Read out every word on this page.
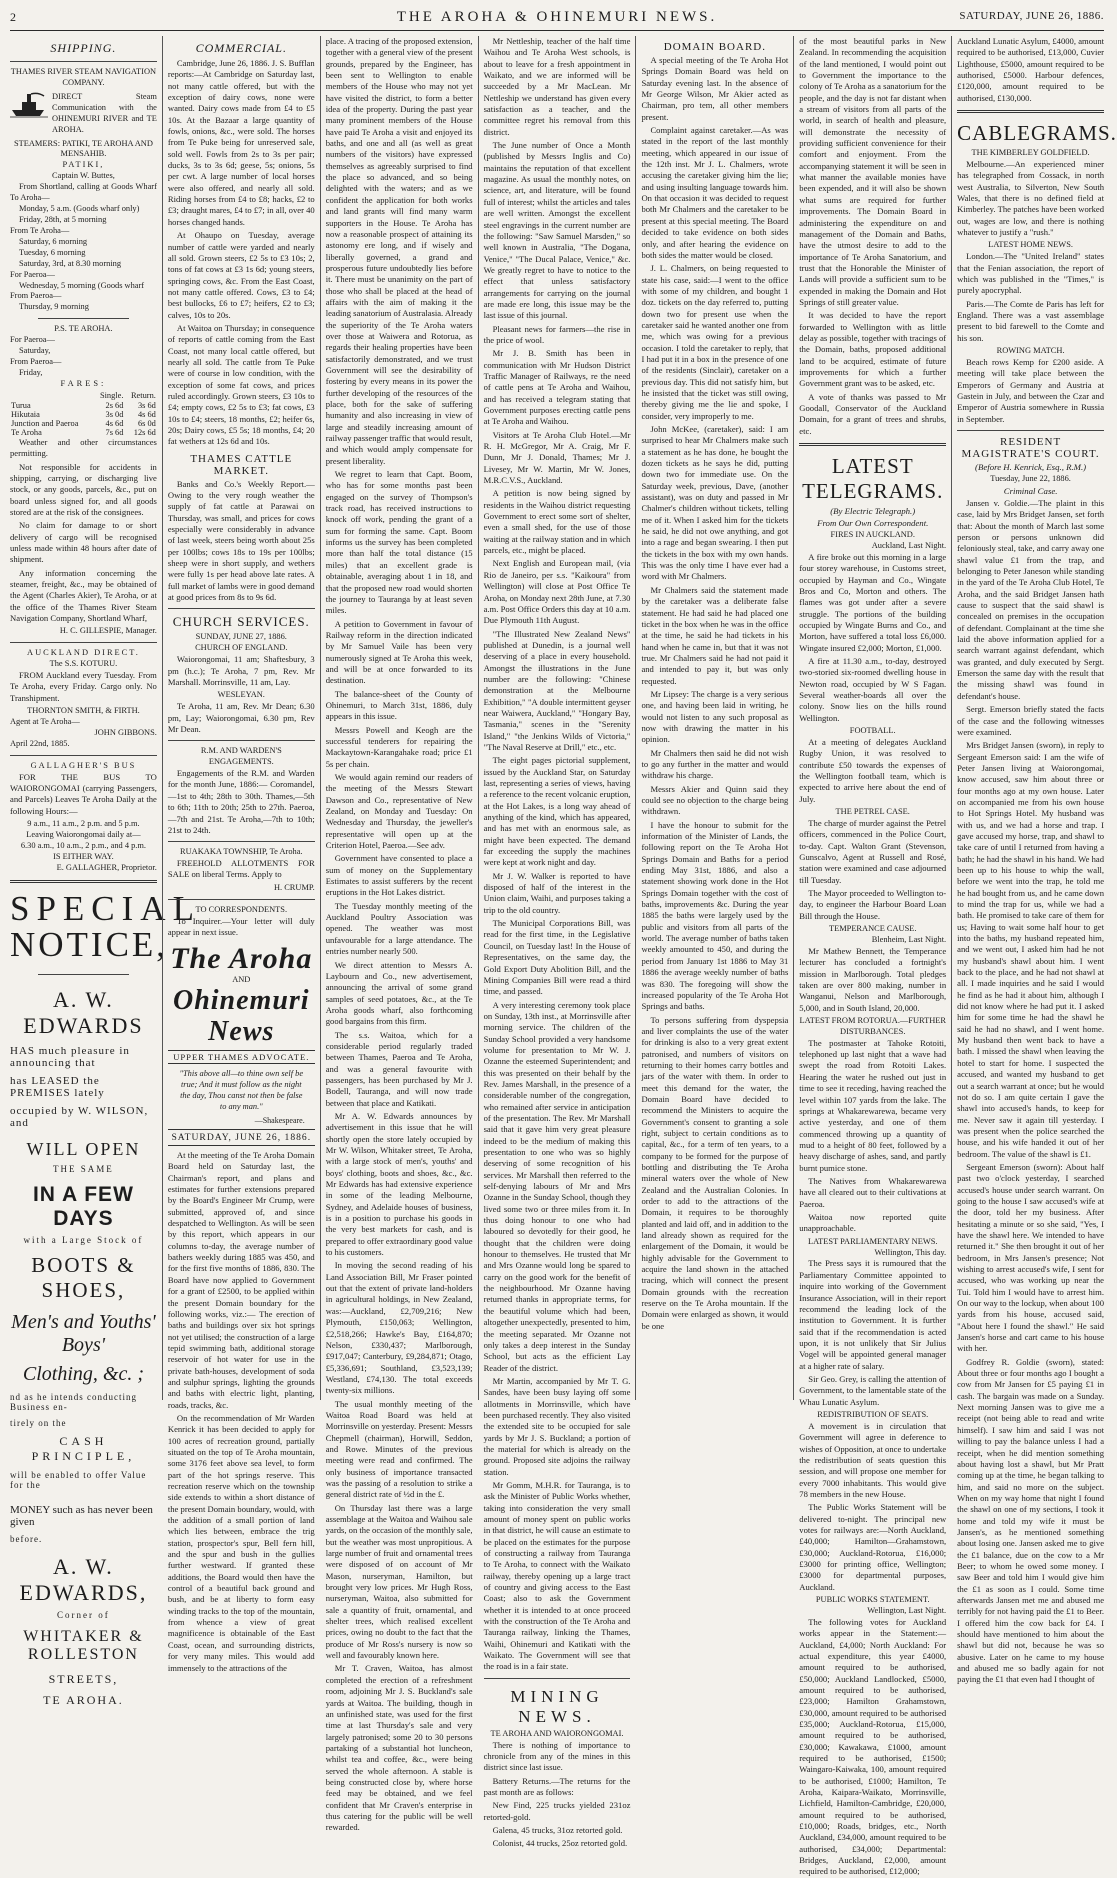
2	THE AROHA & OHINEMURI NEWS.	SATURDAY, JUNE 26, 1886.
SHIPPING.
THAMES RIVER STEAM NAVIGATION COMPANY.

DIRECT Steam Communication with the OHINEMURI RIVER and TE AROHA.

STEAMERS: PATIKI, TE AROHA AND MENSAHIB.
PATIKI,
Captain W. Buttes,

From Shortland, calling at Goods Wharf To Aroha—

Monday, 5 a.m. (Goods wharf only)

Friday, 28th, at 5 morning

From Te Aroha—

Saturday, 6 morning

Tuesday, 6 morning

Saturday, 3rd, at 8.30 morning

For Paeroa—

Wednesday, 5 morning (Goods wharf

From Paeroa—

Thursday, 9 morning

P.S. TE AROHA.

For Paeroa—

Saturday,

From Paeroa—

Friday,

FARES:
	Single.	Return.
Turua	2s 6d	3s 6d
Hikutaia	3s 0d	4s 6d
Junction and Paeroa	4s 6d	6s 0d
Te Aroha	7s 6d	12s 6d

Weather and other circumstances permitting.

Not responsible for accidents in shipping, carrying, or discharging live stock, or any goods, parcels, &c., put on board unless signed for, and all goods stored are at the risk of the consignees.

No claim for damage to or short delivery of cargo will be recognised unless made within 48 hours after date of shipment.

Any information concerning the steamer, freight, &c., may be obtained of the Agent (Charles Akier), Te Aroha, or at the office of the Thames River Steam Navigation Company, Shortland Wharf,

H. C. GILLESPIE, Manager.

AUCKLAND DIRECT.
The S.S. KOTURU.

FROM Auckland every Tuesday. From Te Aroha, every Friday. Cargo only. No Transhipment.

THORNTON SMITH, & FIRTH.

Agent at Te Aroha—

JOHN GIBBONS.

April 22nd, 1885.

GALLAGHER'S BUS

FOR THE BUS TO WAIORONGOMAI (carrying Passengers, and Parcels) Leaves Te Aroha Daily at the following Hours:—

9 a.m., 11 a.m., 2 p.m. and 5 p.m.
Leaving Waiorongomai daily at—
6.30 a.m., 10 a.m., 2 p.m., and 4 p.m.
IS EITHER WAY.

E. GALLAGHER, Proprietor.

SPECIAL
NOTICE,
A. W. EDWARDS
HAS much pleasure in announcing that
has LEASED the PREMISES lately
occupied by W. WILSON, and
WILL OPEN
THE SAME
IN A FEW DAYS
with a Large Stock of
BOOTS & SHOES,
Men's and Youths' Boys'
Clothing, &c. ;
nd as he intends conducting Business en-
tirely on the
CASH PRINCIPLE,
will be enabled to offer Value for the
MONEY such as has never been given
before.
A. W. EDWARDS,
Corner of
WHITAKER & ROLLESTON
STREETS,
TE AROHA.
COMMERCIAL.

Cambridge, June 26, 1886. J. S. Bufflan reports:—At Cambridge on Saturday last, not many cattle offered, but with the exception of dairy cows, none were wanted. Dairy cows made from £4 to £5 10s. At the Bazaar a large quantity of fowls, onions, &c., were sold. The horses from Te Puke being for unreserved sale, sold well. Fowls from 2s to 3s per pair; ducks, 3s to 3s 6d; geese, 5s; onions, 5s per cwt. A large number of local horses were also offered, and nearly all sold. Riding horses from £4 to £8; hacks, £2 to £3; draught mares, £4 to £7; in all, over 40 horses changed hands.

At Ohaupo on Tuesday, average number of cattle were yarded and nearly all sold. Grown steers, £2 5s to £3 10s; 2, tons of fat cows at £3 1s 6d; young steers, springing cows, &c. From the East Coast, not many cattle offered. Cows, £3 to £4; best bullocks, £6 to £7; heifers, £2 to £3; calves, 10s to 20s.

At Waitoa on Thursday; in consequence of reports of cattle coming from the East Coast, not many local cattle offered, but nearly all sold. The cattle from Te Puke were of course in low condition, with the exception of some fat cows, and prices ruled accordingly. Grown steers, £3 10s to £4; empty cows, £2 5s to £3; fat cows, £3 10s to £4; steers, 18 months, £2; heifer 6s, 20s; Dairy cows, £5 5s; 18 months, £4; 20 fat wethers at 12s 6d and 10s.

THAMES CATTLE MARKET.

Banks and Co.'s Weekly Report.—Owing to the very rough weather the supply of fat cattle at Parawai on Thursday, was small, and prices for cows especially were considerably in advance of last week, steers being worth about 25s per 100lbs; cows 18s to 19s per 100lbs; sheep were in short supply, and wethers were fully 1s per head above late rates. A full market of lambs were in good demand at good prices from 8s to 9s 6d.

CHURCH SERVICES.
SUNDAY, JUNE 27, 1886.
CHURCH OF ENGLAND.

Waiorongomai, 11 am; Shaftesbury, 3 pm (h.c.); Te Aroha, 7 pm, Rev. Mr Marshall. Morrinsville, 11 am, Lay.

WESLEYAN.

Te Aroha, 11 am, Rev. Mr Dean; 6.30 pm, Lay; Waiorongomai, 6.30 pm, Rev Mr Dean.

R.M. AND WARDEN'S ENGAGEMENTS.

Engagements of the R.M. and Warden for the month June, 1886:— Coromandel,—1st to 4th; 28th to 30th. Thames,—5th to 6th; 11th to 20th; 25th to 27th. Paeroa,—7th and 21st. Te Aroha,—7th to 10th; 21st to 24th.

RUAKAKA TOWNSHIP, Te Aroha.

FREEHOLD ALLOTMENTS FOR SALE on liberal Terms. Apply to

H. CRUMP.

TO CORRESPONDENTS.

To Inquirer.—Your letter will duly appear in next issue.

The Aroha
AND
Ohinemuri News
UPPER THAMES ADVOCATE.
"This above all—to thine own self be true; And it must follow as the night the day, Thou canst not then be false to any man."
—Shakespeare.
SATURDAY, JUNE 26, 1886.

At the meeting of the Te Aroha Domain Board held on Saturday last, the Chairman's report, and plans and estimates for further extensions prepared by the Board's Engineer Mr Crump, were submitted, approved of, and since despatched to Wellington. As will be seen by this report, which appears in our columns to-day, the average number of bathers weekly during 1885 was 450, and for the first five months of 1886, 830. The Board have now applied to Government for a grant of £2500, to be applied within the present Domain boundary for the following works, viz.:— The erection of baths and buildings over six hot springs not yet utilised; the construction of a large tepid swimming bath, additional storage reservoir of hot water for use in the private bath-houses, development of soda and sulphur springs, lighting the grounds and baths with electric light, planting, roads, tracks, &c.

On the recommendation of Mr Warden Kenrick it has been decided to apply for 100 acres of recreation ground, partially situated on the top of Te Aroha mountain, some 3176 feet above sea level, to form part of the hot springs reserve. This recreation reserve which on the township side extends to within a short distance of the present Domain boundary, would, with the addition of a small portion of land which lies between, embrace the trig station, prospector's spur, Bell fern hill, and the spur and bush in the gullies further westward. If granted these additions, the Board would then have the control of a beautiful back ground and bush, and be at liberty to form easy winding tracks to the top of the mountain, from whence a view of great magnificence is obtainable of the East Coast, ocean, and surrounding districts, for very many miles. This would add immensely to the attractions of the

place. A tracing of the proposed extension, together with a general view of the present grounds, prepared by the Engineer, has been sent to Wellington to enable members of the House who may not yet have visited the district, to form a better idea of the property. During the past year many prominent members of the House have paid Te Aroha a visit and enjoyed its baths, and one and all (as well as great numbers of the visitors) have expressed themselves as agreeably surprised to find the place so advanced, and so being delighted with the waters; and as we confident the application for both works and land grants will find many warm supporters in the House. Te Aroha has now a reasonable prospect of attaining its astonomy ere long, and if wisely and liberally governed, a grand and prosperous future undoubtedly lies before it. There must be unanimity on the part of those who shall be placed at the head of affairs with the aim of making it the leading sanatorium of Australasia. Already the superiority of the Te Aroha waters over those at Waiwera and Rotorua, as regards their healing properties have been satisfactorily demonstrated, and we trust Government will see the desirability of fostering by every means in its power the further developing of the resources of the place, both for the sake of suffering humanity and also increasing in view of large and steadily increasing amount of railway passenger traffic that would result, and which would amply compensate for present liberality.

We regret to learn that Capt. Boom, who has for some months past been engaged on the survey of Thompson's track road, has received instructions to knock off work, pending the grant of a sum for forming the same. Capt. Boom informs us the survey has been completed more than half the total distance (15 miles) that an excellent grade is obtainable, averaging about 1 in 18, and that the proposed new road would shorten the journey to Tauranga by at least seven miles.

A petition to Government in favour of Railway reform in the direction indicated by Mr Samuel Vaile has been very numerously signed at Te Aroha this week, and will be at once forwarded to its destination.

The balance-sheet of the County of Ohinemuri, to March 31st, 1886, duly appears in this issue.

Messrs Powell and Keogh are the successful tenderers for repairing the Mackaytown-Karangahake road; price £1 5s per chain.

We would again remind our readers of the meeting of the Messrs Stewart Dawson and Co., representative of New Zealand, on Monday and Tuesday: On Wednesday and Thursday, the jeweller's representative will open up at the Criterion Hotel, Paeroa.—See adv.

Government have consented to place a sum of money on the Supplementary Estimates to assist sufferers by the recent eruptions in the Hot Lakes district.

The Tuesday monthly meeting of the Auckland Poultry Association was opened. The weather was most unfavourable for a large attendance. The entries number nearly 500.

We direct attention to Messrs A. Laybourn and Co., new advertisement, announcing the arrival of some grand samples of seed potatoes, &c., at the Te Aroha goods wharf, also forthcoming good bargains from this firm.

The s.s. Waitoa, which for a considerable period regularly traded between Thames, Paeroa and Te Aroha, and was a general favourite with passengers, has been purchased by Mr J. Bodell, Tauranga, and will now trade between that place and Katikati.

Mr A. W. Edwards announces by advertisement in this issue that he will shortly open the store lately occupied by Mr W. Wilson, Whitaker street, Te Aroha, with a large stock of men's, youths' and boys' clothing, boots and shoes, &c., &c. Mr Edwards has had extensive experience in some of the leading Melbourne, Sydney, and Adelaide houses of business, is in a position to purchase his goods in the very best markets for cash, and is prepared to offer extraordinary good value to his customers.

In moving the second reading of his Land Association Bill, Mr Fraser pointed out that the extent of private land-holders in agricultural holdings, in New Zealand, was:—Auckland, £2,709,216; New Plymouth, £150,063; Wellington, £2,518,266; Hawke's Bay, £164,870; Nelson, £330,437; Marlborough, £917,047; Canterbury, £9,284,871; Otago, £5,336,691; Southland, £3,523,139; Westland, £74,130. The total exceeds twenty-six millions.

The usual monthly meeting of the Waitoa Road Board was held at Morrinsville on yesterday. Present: Messrs Chepmell (chairman), Horwill, Seddon, and Rowe. Minutes of the previous meeting were read and confirmed. The only business of importance transacted was the passing of a resolution to strike a general district rate of ½d in the £.

On Thursday last there was a large assemblage at the Waitoa and Waihou sale yards, on the occasion of the monthly sale, but the weather was most unpropitious. A large number of fruit and ornamental trees were disposed of on account of Mr Mason, nurseryman, Hamilton, but brought very low prices. Mr Hugh Ross, nurseryman, Waitoa, also submitted for sale a quantity of fruit, ornamental, and shelter trees, which realised excellent prices, owing no doubt to the fact that the produce of Mr Ross's nursery is now so well and favourably known here.

Mr T. Craven, Waitoa, has almost completed the erection of a refreshment room, adjoining Mr J. S. Buckland's sale yards at Waitoa. The building, though in an unfinished state, was used for the first time at last Thursday's sale and very largely patronised; some 20 to 30 persons partaking of a substantial hot luncheon, whilst tea and coffee, &c., were being served the whole afternoon. A stable is being constructed close by, where horse feed may be obtained, and we feel confident that Mr Craven's enterprise in thus catering for the public will be well rewarded.

Mr Nettleship, teacher of the half time Waihou and Te Aroha West schools, is about to leave for a fresh appointment in Waikato, and we are informed will be succeeded by a Mr MacLean. Mr Nettleship we understand has given every satisfaction as a teacher, and the committee regret his removal from this district.

The June number of Once a Month (published by Messrs Inglis and Co) maintains the reputation of that excellent magazine. As usual the monthly notes, on science, art, and literature, will be found full of interest; whilst the articles and tales are well written. Amongst the excellent steel engravings in the current number are the following: "Saw Samuel Marsden," so well known in Australia, "The Dogana, Venice," "The Ducal Palace, Venice," &c. We greatly regret to have to notice to the effect that unless satisfactory arrangements for carrying on the journal are made ere long, this issue may be the last issue of this journal.

Pleasant news for farmers—the rise in the price of wool.

Mr J. B. Smith has been in communication with Mr Hudson District Traffic Manager of Railways, re the need of cattle pens at Te Aroha and Waihou, and has received a telegram stating that Government purposes erecting cattle pens at Te Aroha and Waihou.

Visitors at Te Aroha Club Hotel.—Mr R. H. McGregor, Mr A. Craig, Mr F. Dunn, Mr J. Donald, Thames; Mr J. Livesey, Mr W. Martin, Mr W. Jones, M.R.C.V.S., Auckland.

A petition is now being signed by residents in the Waihou district requesting Government to erect some sort of shelter, even a small shed, for the use of those waiting at the railway station and in which parcels, etc., might be placed.

Next English and European mail, (via Rio de Janeiro, per s.s. "Kaikoura" from Wellington) will close at Post Office Te Aroha, on Monday next 28th June, at 7.30 a.m. Post Office Orders this day at 10 a.m. Due Plymouth 11th August.

"The Illustrated New Zealand News" published at Dunedin, is a journal well deserving of a place in every household. Amongst the illustrations in the June number are the following: "Chinese demonstration at the Melbourne Exhibition," "A double intermittent geyser near Waiwera, Auckland," "Hongary Bay, Tasmania," scenes in the "Serenity Island," "the Jenkins Wilds of Victoria," "The Naval Reserve at Drill," etc., etc.

The eight pages pictorial supplement, issued by the Auckland Star, on Saturday last, representing a series of views, having a reference to the recent volcanic eruption, at the Hot Lakes, is a long way ahead of anything of the kind, which has appeared, and has met with an enormous sale, as might have been expected. The demand far exceeding the supply the machines were kept at work night and day.

Mr J. W. Walker is reported to have disposed of half of the interest in the Union claim, Waihi, and purposes taking a trip to the old country.

The Municipal Corporations Bill, was read for the first time, in the Legislative Council, on Tuesday last! In the House of Representatives, on the same day, the Gold Export Duty Abolition Bill, and the Mining Companies Bill were read a third time, and passed.

A very interesting ceremony took place on Sunday, 13th inst., at Morrinsville after morning service. The children of the Sunday School provided a very handsome volume for presentation to Mr W. J. Ozanne the esteemed Superintendent; and this was presented on their behalf by the Rev. James Marshall, in the presence of a considerable number of the congregation, who remained after service in anticipation of the presentation. The Rev. Mr Marshall said that it gave him very great pleasure indeed to be the medium of making this presentation to one who was so highly deserving of some recognition of his services. Mr Marshall then referred to the self-denying labours of Mr and Mrs Ozanne in the Sunday School, though they lived some two or three miles from it. In thus doing honour to one who had laboured so devotedly for their good, he thought that the children were doing honour to themselves. He trusted that Mr and Mrs Ozanne would long be spared to carry on the good work for the benefit of the neighbourhood. Mr Ozanne having returned thanks in appropriate terms, for the beautiful volume which had been, altogether unexpectedly, presented to him, the meeting separated. Mr Ozanne not only takes a deep interest in the Sunday School, but acts as the efficient Lay Reader of the district.

Mr Martin, accompanied by Mr T. G. Sandes, have been busy laying off some allotments in Morrinsville, which have been purchased recently. They also visited the extended site to be occupied for sale yards by Mr J. S. Buckland; a portion of the material for which is already on the ground. Proposed site adjoins the railway station.

Mr Gomm, M.H.R. for Tauranga, is to ask the Minister of Public Works whether, taking into consideration the very small amount of money spent on public works in that district, he will cause an estimate to be placed on the estimates for the purpose of constructing a railway from Tauranga to Te Aroha, to connect with the Waikato railway, thereby opening up a large tract of country and giving access to the East Coast; also to ask the Government whether it is intended to at once proceed with the construction of the Te Aroha and Tauranga railway, linking the Thames, Waihi, Ohinemuri and Katikati with the Waikato. The Government will see that the road is in a fair state.

MINING NEWS.
TE AROHA AND WAIORONGOMAI.

There is nothing of importance to chronicle from any of the mines in this district since last issue.

Battery Returns.—The returns for the past month are as follows:

New Find, 225 trucks yielded 231oz retorted-gold.

Galena, 45 trucks, 31oz retorted gold.

Colonist, 44 trucks, 25oz retorted gold.

DOMAIN BOARD.

A special meeting of the Te Aroha Hot Springs Domain Board was held on Saturday evening last. In the absence of Mr George Wilson, Mr Akier acted as Chairman, pro tem, all other members present.

Complaint against caretaker.—As was stated in the report of the last monthly meeting, which appeared in our issue of the 12th inst. Mr J. L. Chalmers, wrote accusing the caretaker giving him the lie; and using insulting language towards him. On that occasion it was decided to request both Mr Chalmers and the caretaker to be present at this special meeting. The Board decided to take evidence on both sides only, and after hearing the evidence on both sides the matter would be closed.

J. L. Chalmers, on being requested to state his case, said:—I went to the office with some of my children, and bought 1 doz. tickets on the day referred to, putting down two for present use when the caretaker said he wanted another one from me, which was owing for a previous occasion. I told the caretaker to reply, that I had put it in a box in the presence of one of the residents (Sinclair), caretaker on a previous day. This did not satisfy him, but he insisted that the ticket was still owing, thereby giving me the lie and spoke, I consider, very improperly to me.

John McKee, (caretaker), said: I am surprised to hear Mr Chalmers make such a statement as he has done, he bought the dozen tickets as he says he did, putting down two for immediate use. On the Saturday week, previous, Dave, (another assistant), was on duty and passed in Mr Chalmer's children without tickets, telling me of it. When I asked him for the tickets he said, he did not owe anything, and got into a rage and began swearing. I then put the tickets in the box with my own hands. This was the only time I have ever had a word with Mr Chalmers.

Mr Chalmers said the statement made by the caretaker was a deliberate false statement. He had said he had placed one ticket in the box when he was in the office at the time, he said he had tickets in his hand when he came in, but that it was not true. Mr Chalmers said he had not paid it and intended to pay it, but was only requested.

Mr Lipsey: The charge is a very serious one, and having been laid in writing, he would not listen to any such proposal as now with drawing the matter in his opinion.

Mr Chalmers then said he did not wish to go any further in the matter and would withdraw his charge.

Messrs Akier and Quinn said they could see no objection to the charge being withdrawn.

I have the honour to submit for the information of the Minister of Lands, the following report on the Te Aroha Hot Springs Domain and Baths for a period ending May 31st, 1886, and also a statement showing work done in the Hot Springs Domain together with the cost of baths, improvements &c. During the year 1885 the baths were largely used by the public and visitors from all parts of the world. The average number of baths taken weekly amounted to 450, and during the period from January 1st 1886 to May 31 1886 the average weekly number of baths was 830. The foregoing will show the increased popularity of the Te Aroha Hot Springs and baths.

To persons suffering from dyspepsia and liver complaints the use of the water for drinking is also to a very great extent patronised, and numbers of visitors on returning to their homes carry bottles and jars of the water with them. In order to meet this demand for the water, the Domain Board have decided to recommend the Ministers to acquire the Government's consent to granting a sole right, subject to certain conditions as to capital, &c., for a term of ten years, to a company to be formed for the purpose of bottling and distributing the Te Aroha mineral waters over the whole of New Zealand and the Australian Colonies. In order to add to the attractions of the Domain, it requires to be thoroughly planted and laid off, and in addition to the land already shown as required for the enlargement of the Domain, it would be highly advisable for the Government to acquire the land shown in the attached tracing, which will connect the present Domain grounds with the recreation reserve on the Te Aroha mountain. If the Domain were enlarged as shown, it would be one

of the most beautiful parks in New Zealand. In recommending the acquisition of the land mentioned, I would point out to Government the importance to the colony of Te Aroha as a sanatorium for the people, and the day is not far distant when a stream of visitors from all parts of the world, in search of health and pleasure, will demonstrate the necessity of providing sufficient convenience for their comfort and enjoyment. From the accompanying statement it will be seen in what manner the available monies have been expended, and it will also be shown what sums are required for further improvements. The Domain Board in administering the expenditure on and management of the Domain and Baths, have the utmost desire to add to the importance of Te Aroha Sanatorium, and trust that the Honorable the Minister of Lands will provide a sufficient sum to be expended in making the Domain and Hot Springs of still greater value.

It was decided to have the report forwarded to Wellington with as little delay as possible, together with tracings of the Domain, baths, proposed additional land to be acquired, estimate of future improvements for which a further Government grant was to be asked, etc.

A vote of thanks was passed to Mr Goodall, Conservator of the Auckland Domain, for a grant of trees and shrubs, etc.

LATEST TELEGRAMS.
(By Electric Telegraph.)
From Our Own Correspondent.
FIRES IN AUCKLAND.
Auckland, Last Night.

A fire broke out this morning in a large four storey warehouse, in Customs street, occupied by Hayman and Co., Wingate Bros and Co, Morton and others. The flames was got under after a severe struggle. The portions of the building occupied by Wingate Burns and Co., and Morton, have suffered a total loss £6,000. Wingate insured £2,000; Morton, £1,000.

A fire at 11.30 a.m., to-day, destroyed two-storied six-roomed dwelling house in Newton road, occupied by W S Fagan. Several weather-boards all over the colony. Snow lies on the hills round Wellington.

FOOTBALL.

At a meeting of delegates Auckland Rugby Union, it was resolved to contribute £50 towards the expenses of the Wellington football team, which is expected to arrive here about the end of July.

THE PETREL CASE.

The charge of murder against the Petrel officers, commenced in the Police Court, to-day. Capt. Walton Grant (Stevenson, Gunscalvo, Agent at Russell and Rosé, station were examined and case adjourned till Tuesday.

The Mayor proceeded to Wellington to-day, to engineer the Harbour Board Loan Bill through the House.

TEMPERANCE CAUSE.
Blenheim, Last Night.

Mr Mathew Bennett, the Temperance lecturer has concluded a fortnight's mission in Marlborough. Total pledges taken are over 800 making, number in Wanganui, Nelson and Marlborough, 5,000, and in South Island, 20,000.

LATEST FROM ROTORUA.—FURTHER DISTURBANCES.

The postmaster at Tahoke Rotoiti, telephoned up last night that a wave had swept the road from Rotoiti Lakes. Hearing the water he rushed out just in time to see it receding, having reached the level within 107 yards from the lake. The springs at Whakarewarewa, became very active yesterday, and one of them commenced throwing up a quantity of mud to a height of 80 feet, followed by a heavy discharge of ashes, sand, and partly burnt pumice stone.

The Natives from Whakarewarewa have all cleared out to their cultivations at Paeroa.

Waitoa now reported quite unapproachable.

LATEST PARLIAMENTARY NEWS.
Wellington, This day.

The Press says it is rumoured that the Parliamentary Committee appointed to inquire into working of the Government Insurance Association, will in their report recommend the leading lock of the institution to Government. It is further said that if the recommendation is acted upon, it is not unlikely that Sir Julius Vogel will be appointed general manager at a higher rate of salary.

Sir Geo. Grey, is calling the attention of Government, to the lamentable state of the Whau Lunatic Asylum.

REDISTRIBUTION OF SEATS.

A movement is in circulation that Government will agree in deference to wishes of Opposition, at once to undertake the redistribution of seats question this session, and will propose one member for every 7000 inhabitants. This would give 78 members in the new House.

The Public Works Statement will be delivered to-night. The principal new votes for railways are:—North Auckland, £40,000; Hamilton—Grahamstown, £30,000; Auckland-Rotorua, £16,000; £3000 for printing office, Wellington; £3000 for departmental purposes, Auckland.

PUBLIC WORKS STATEMENT.
Wellington, Last Night.

The following votes for Auckland works appear in the Statement:—Auckland, £4,000; North Auckland: For actual expenditure, this year £4000, amount required to be authorised, £50,000; Auckland Landlocked, £5000, amount required to be authorised, £23,000; Hamilton Grahamstown, £30,000, amount required to be authorised £35,000; Auckland-Rotorua, £15,000, amount required to be authorised, £30,000; Kawakawa, £1000, amount required to be authorised, £1500; Waingaro-Kaiwaka, 100, amount required to be authorised, £1000; Hamilton, Te Aroha, Kaipara-Waikato, Morrinsville, Lichfield, Hamilton-Cambridge, £20,000, amount required to be authorised, £10,000; Roads, bridges, etc., North Auckland, £34,000, amount required to be authorised, £34,000; Departmental: Bridges, Auckland, £2,000, amount required to be authorised, £12,000;

Auckland Lunatic Asylum, £4000, amount required to be authorised, £13,000, Cuvier Lighthouse, £5000, amount required to be authorised, £5000. Harbour defences, £120,000, amount required to be authorised, £130,000.

CABLEGRAMS.
THE KIMBERLEY GOLDFIELD.

Melbourne.—An experienced miner has telegraphed from Cossack, in north west Australia, to Silverton, New South Wales, that there is no defined field at Kimberley. The patches have been worked out, wages are low, and there is nothing whatever to justify a "rush."

LATEST HOME NEWS.

London.—The "United Ireland" states that the Fenian association, the report of which was published in the "Times," is purely apocryphal.

Paris.—The Comte de Paris has left for England. There was a vast assemblage present to bid farewell to the Comte and his son.

ROWING MATCH.

Beach rows Kemp for £200 aside. A meeting will take place between the Emperors of Germany and Austria at Gastein in July, and between the Czar and Emperor of Austria somewhere in Russia in September.

RESIDENT MAGISTRATE'S COURT.
(Before H. Kenrick, Esq., R.M.)
Tuesday, June 22, 1886.
Criminal Case.

Jansen v. Goldie.—The plaint in this case, laid by Mrs Bridget Jansen, set forth that: About the month of March last some person or persons unknown did feloniously steal, take, and carry away one shawl value £1 from the trap, and belonging to Peter Janeson while standing in the yard of the Te Aroha Club Hotel, Te Aroha, and the said Bridget Jansen hath cause to suspect that the said shawl is concealed on premises in the occupation of defendant. Complainant at the time she laid the above information applied for a search warrant against defendant, which was granted, and duly executed by Sergt. Emerson the same day with the result that the missing shawl was found in defendant's house.

Sergt. Emerson briefly stated the facts of the case and the following witnesses were examined.

Mrs Bridget Jansen (sworn), in reply to Sergeant Emerson said: I am the wife of Peter Jansen living at Waiorongomai, know accused, saw him about three or four months ago at my own house. Later on accompanied me from his own house to Hot Springs Hotel. My husband was with us, and we had a horse and trap. I gave accused my horse, trap, and shawl to take care of until I returned from having a bath; he had the shawl in his hand. We had been up to his house to whip the wall, before we went into the trap, he told me he had bought from us, and he came down to mind the trap for us, while we had a bath. He promised to take care of them for us; Having to wait some half hour to get into the baths, my husband repeated him, and we went out, I asked him had he not my husband's shawl about him. I went back to the place, and he had not shawl at all. I made inquiries and he said I would he find as he had it about him, although I did not know where he had put it. I asked him for some time he had the shawl he said he had no shawl, and I went home. My husband then went back to have a bath. I missed the shawl when leaving the hotel to start for home. I suspected the accused, and wanted my husband to get out a search warrant at once; but he would not do so. I am quite certain I gave the shawl into accused's hands, to keep for me. Never saw it again till yesterday. I was present when the police searched the house, and his wife handed it out of her bedroom. The value of the shawl is £1.

Sergeant Emerson (sworn): About half past two o'clock yesterday, I searched accused's house under search warrant. On going to the house I saw accused's wife at the door, told her my business. After hesitating a minute or so she said, "Yes, I have the shawl here. We intended to have returned it." She then brought it out of her bedroom, in Mrs Jansen's presence; Not wishing to arrest accused's wife, I sent for accused, who was working up near the Tui. Told him I would have to arrest him. On our way to the lockup, when about 100 yards from his house, accused said, "About here I found the shawl." He said Jansen's horse and cart came to his house with her.

Godfrey R. Goldie (sworn), stated: About three or four months ago I bought a cow from Mr Jansen for £5 paying £1 in cash. The bargain was made on a Sunday. Next morning Jansen was to give me a receipt (not being able to read and write himself). I saw him and said I was not willing to pay the balance unless I had a receipt, when he did mention something about having lost a shawl, but Mr Pratt coming up at the time, he began talking to him, and said no more on the subject. When on my way home that night I found the shawl on one of my sections, I took it home and told my wife it must be Jansen's, as he mentioned something about losing one. Jansen asked me to give the £1 balance, due on the cow to a Mr Beer; to whom he owed some money. I saw Beer and told him I would give him the £1 as soon as I could. Some time afterwards Jansen met me and abused me terribly for not having paid the £1 to Beer. I offered him the cow back for £4. I should have mentioned to him about the shawl but did not, because he was so abusive. Later on he came to my house and abused me so badly again for not paying the £1 that even had I thought of
